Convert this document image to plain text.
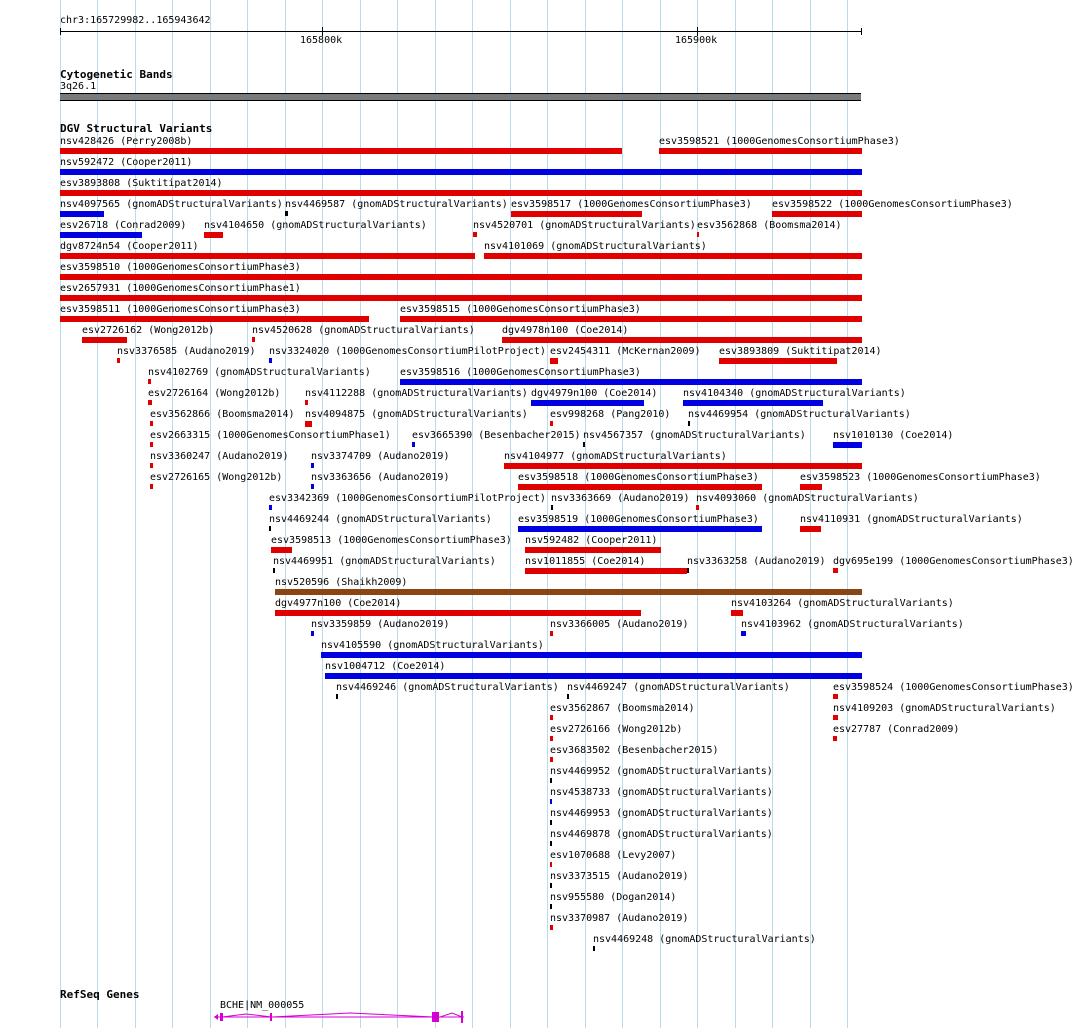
chr3:165729982..165943642
165800k	165900k
Cytogenetic Bands
3q26.1
DGV Structural Variants
nsv428426 (Perry2008b)	esv3598521 (1000GenomesConsortiumPhase3)
nsv592472 (Cooper2011)
esv3893808 (Suktitipat2014)
nsv4097565 (gnomADStructuralVariants) nsv4469587 (gnomADStructuralVariants) esv3598517 (1000GenomesConsortiumPhase3) esv3598522 (1000GenomesConsortiumPhase3)
esv26718 (Conrad2009) nsv4104650 (gnomADStructuralVariants)	nsv4520701 (gnomADStructuralVariants) esv3562868 (Boomsma2014)
dgv8724n54 (Cooper2011)	nsv4101069 (gnomADStructuralVariants)
esv3598510 (1000GenomesConsortiumPhase3)
esv2657931 (1000GenomesConsortiumPhase1)
esv3598511 (1000GenomesConsortiumPhase3)	esv3598515 (1000GenomesConsortiumPhase3)
esv2726162 (Wong2012b)	nsv4520628 (gnomADStructuralVariants)	dgv4978n100 (Coe2014)
nsv3376585 (Audano2019) nsv3324020 (1000GenomesConsortiumPilotProject) esv2454311 (McKernan2009) esv3893809 (Suktitipat2014)
nsv4102769 (gnomADStructuralVariants)	esv3598516 (1000GenomesConsortiumPhase3)
esv2726164 (Wong2012b) nsv4112288 (gnomADStructuralVariants) dgv4979n100 (Coe2014)	nsv4104340 (gnomADStructuralVariants)
esv3562866 (Boomsma2014) nsv4094875 (gnomADStructuralVariants) esv998268 (Pang2010) nsv4469954 (gnomADStructuralVariants)
esv2663315 (1000GenomesConsortiumPhase1) esv3665390 (Besenbacher2015) nsv4567357 (gnomADStructuralVariants)	nsv1010130 (Coe2014)
nsv3360247 (Audano2019) nsv3374709 (Audano2019)	nsv4104977 (gnomADStructuralVariants)
esv2726165 (Wong2012b)	nsv3363656 (Audano2019)	esv3598518 (1000GenomesConsortiumPhase3)	esv3598523 (1000GenomesConsortiumPhase3)
esv3342369 (1000GenomesConsortiumPilotProject) nsv3363669 (Audano2019) nsv4093060 (gnomADStructuralVariants)
nsv4469244 (gnomADStructuralVariants)	esv3598519 (1000GenomesConsortiumPhase3)	nsv4110931 (gnomADStructuralVariants)
esv3598513 (1000GenomesConsortiumPhase3) nsv592482 (Cooper2011)
nsv4469951 (gnomADStructuralVariants)	nsv1011855 (Coe2014)	nsv3363258 (Audano2019) dgv695e199 (1000GenomesConsortiumPhase3)
nsv520596 (Shaikh2009)
dgv4977n100 (Coe2014)	nsv4103264 (gnomADStructuralVariants)
nsv3359859 (Audano2019)	nsv3366005 (Audano2019)	nsv4103962 (gnomADStructuralVariants)
nsv4105590 (gnomADStructuralVariants)
nsv1004712 (Coe2014)
nsv4469246 (gnomADStructuralVariants) nsv4469247 (gnomADStructuralVariants)	esv3598524 (1000GenomesConsortiumPhase3)
esv3562867 (Boomsma2014)	nsv4109203 (gnomADStructuralVariants)
esv2726166 (Wong2012b)	esv27787 (Conrad2009)
esv3683502 (Besenbacher2015)
nsv4469952 (gnomADStructuralVariants)
nsv4538733 (gnomADStructuralVariants)
nsv4469953 (gnomADStructuralVariants)
nsv4469878 (gnomADStructuralVariants)
esv1070688 (Levy2007)
nsv3373515 (Audano2019)
nsv955580 (Dogan2014)
nsv3370987 (Audano2019)
nsv4469248 (gnomADStructuralVariants)
RefSeq Genes
BCHE|NM_000055
